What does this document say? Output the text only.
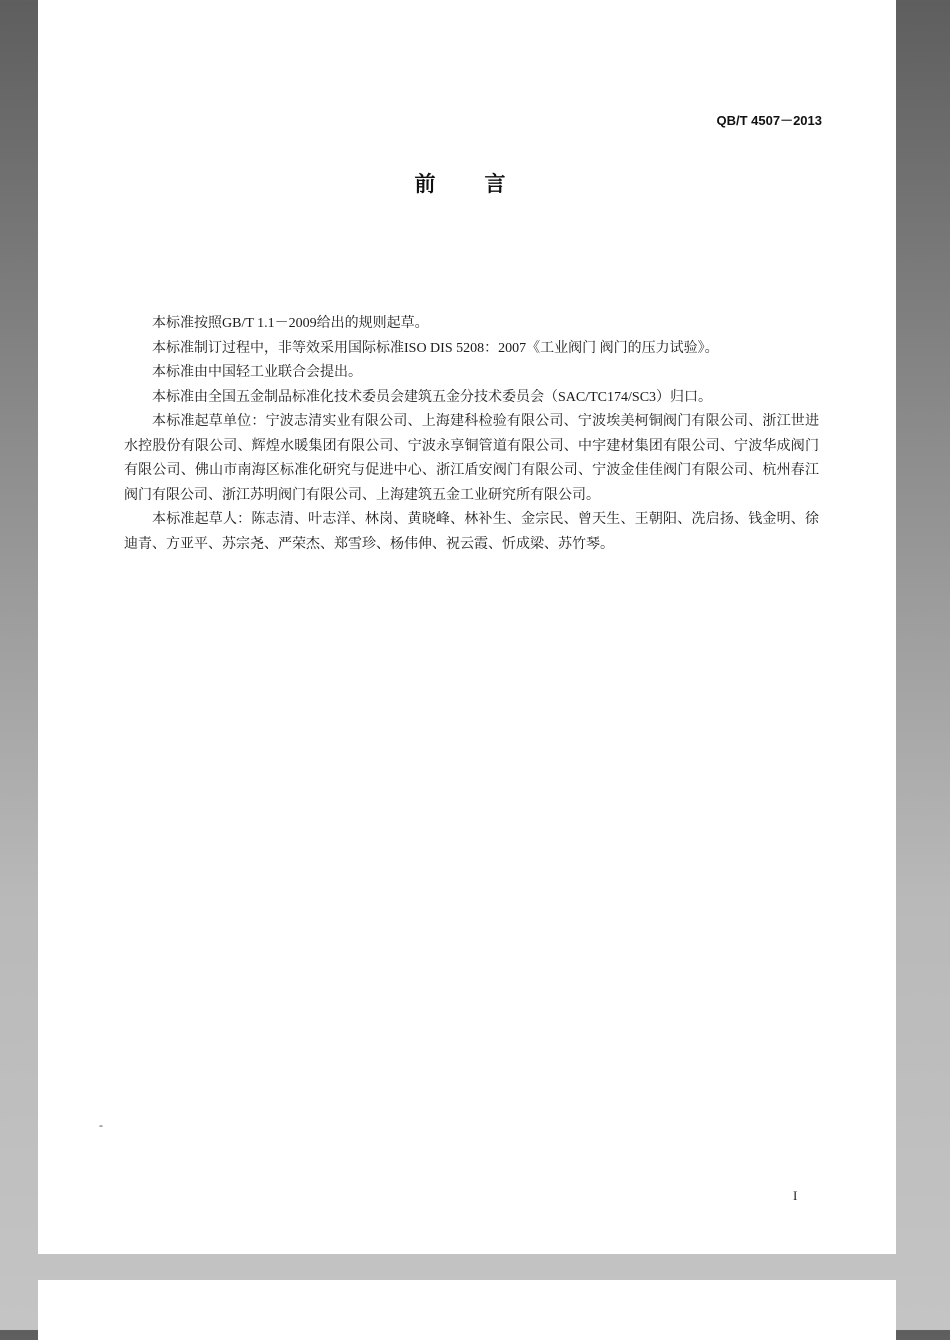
QB/T 4507－2013
前　言

本标准按照GB/T 1.1－2009给出的规则起草。

本标准制订过程中，非等效采用国际标准ISO DIS 5208：2007《工业阀门 阀门的压力试验》。

本标准由中国轻工业联合会提出。

本标准由全国五金制品标准化技术委员会建筑五金分技术委员会（SAC/TC174/SC3）归口。

本标准起草单位：宁波志清实业有限公司、上海建科检验有限公司、宁波埃美柯铜阀门有限公司、浙江世进水控股份有限公司、辉煌水暖集团有限公司、宁波永享铜管道有限公司、中宇建材集团有限公司、宁波华成阀门有限公司、佛山市南海区标准化研究与促进中心、浙江盾安阀门有限公司、宁波金佳佳阀门有限公司、杭州春江阀门有限公司、浙江苏明阀门有限公司、上海建筑五金工业研究所有限公司。

本标准起草人：陈志清、叶志洋、林岗、黄晓峰、林补生、金宗民、曾天生、王朝阳、冼启扬、钱金明、徐迪青、方亚平、苏宗尧、严荣杰、郑雪珍、杨伟伸、祝云霞、忻成梁、苏竹琴。

-
I
